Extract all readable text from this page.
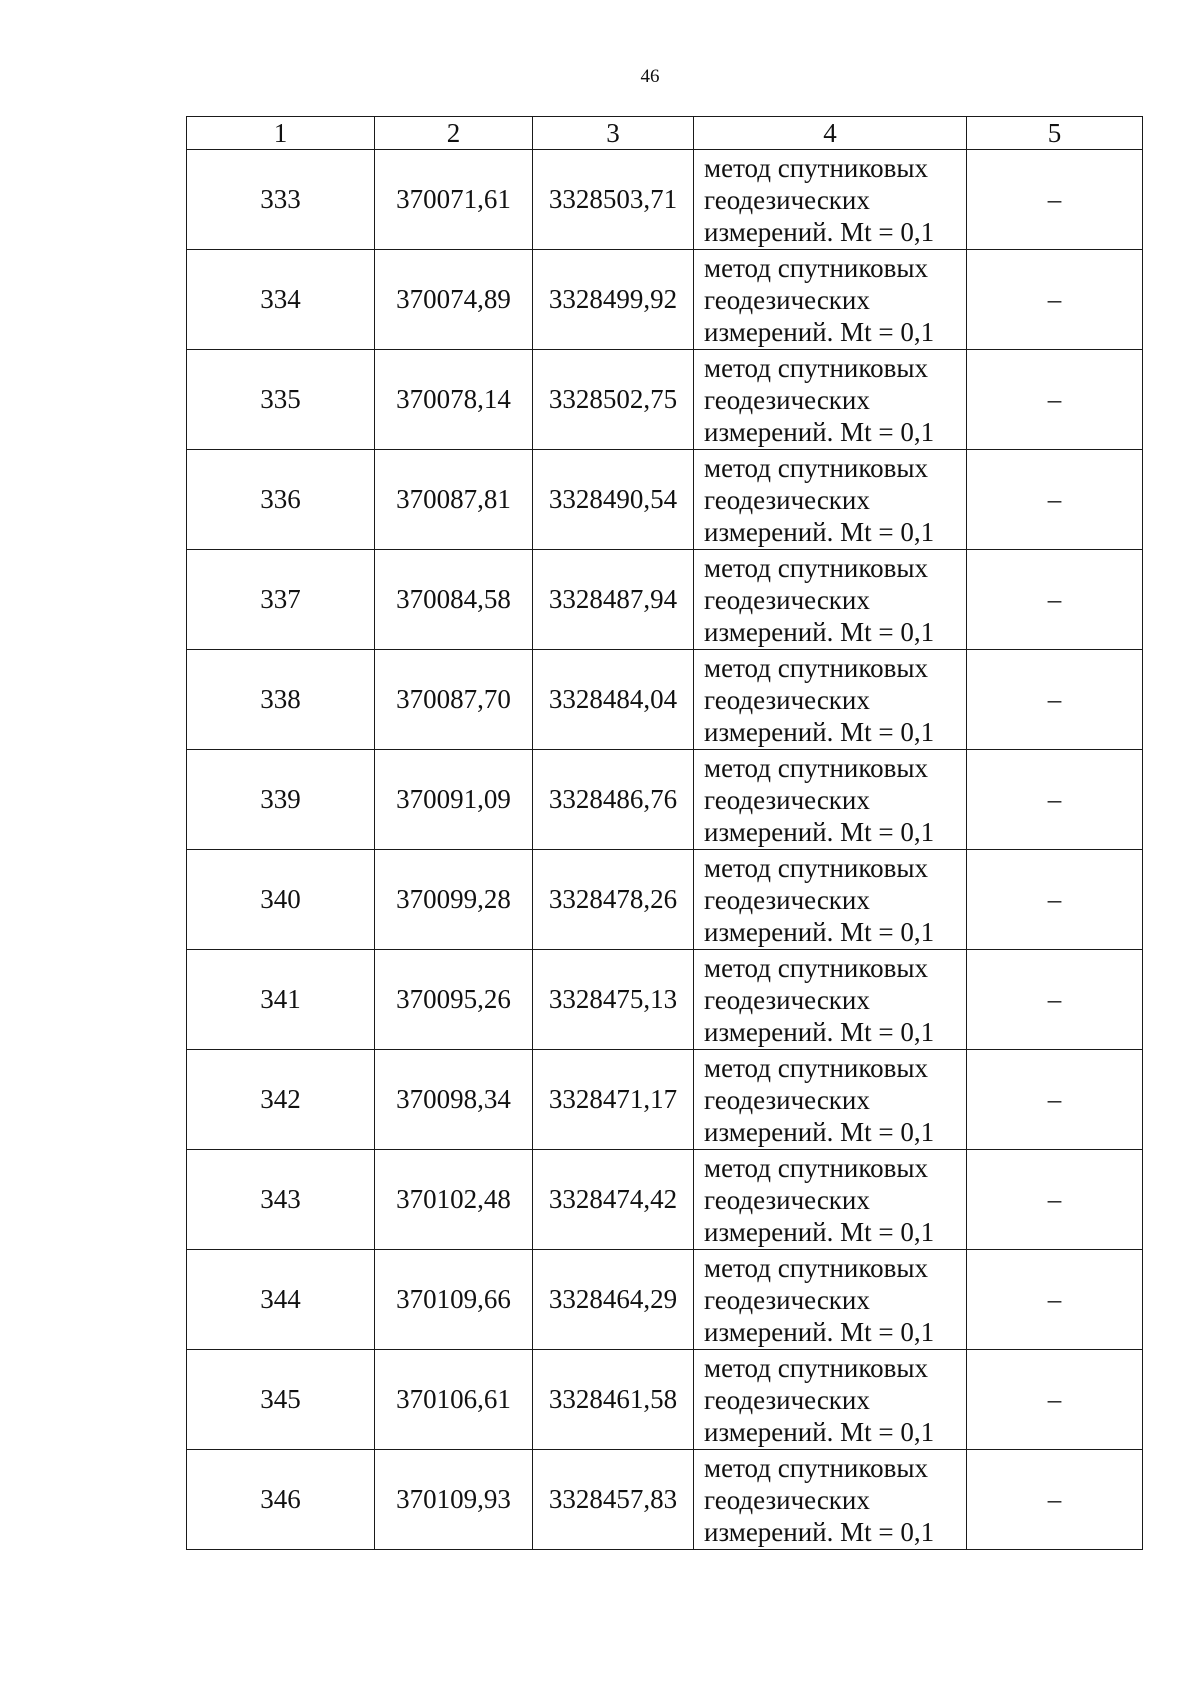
46
1	2	3	4	5
333	370071,61	3328503,71	метод спутниковых
геодезических
измерений. Mt = 0,1	–
334	370074,89	3328499,92	метод спутниковых
геодезических
измерений. Mt = 0,1	–
335	370078,14	3328502,75	метод спутниковых
геодезических
измерений. Mt = 0,1	–
336	370087,81	3328490,54	метод спутниковых
геодезических
измерений. Mt = 0,1	–
337	370084,58	3328487,94	метод спутниковых
геодезических
измерений. Mt = 0,1	–
338	370087,70	3328484,04	метод спутниковых
геодезических
измерений. Mt = 0,1	–
339	370091,09	3328486,76	метод спутниковых
геодезических
измерений. Mt = 0,1	–
340	370099,28	3328478,26	метод спутниковых
геодезических
измерений. Mt = 0,1	–
341	370095,26	3328475,13	метод спутниковых
геодезических
измерений. Mt = 0,1	–
342	370098,34	3328471,17	метод спутниковых
геодезических
измерений. Mt = 0,1	–
343	370102,48	3328474,42	метод спутниковых
геодезических
измерений. Mt = 0,1	–
344	370109,66	3328464,29	метод спутниковых
геодезических
измерений. Mt = 0,1	–
345	370106,61	3328461,58	метод спутниковых
геодезических
измерений. Mt = 0,1	–
346	370109,93	3328457,83	метод спутниковых
геодезических
измерений. Mt = 0,1	–
